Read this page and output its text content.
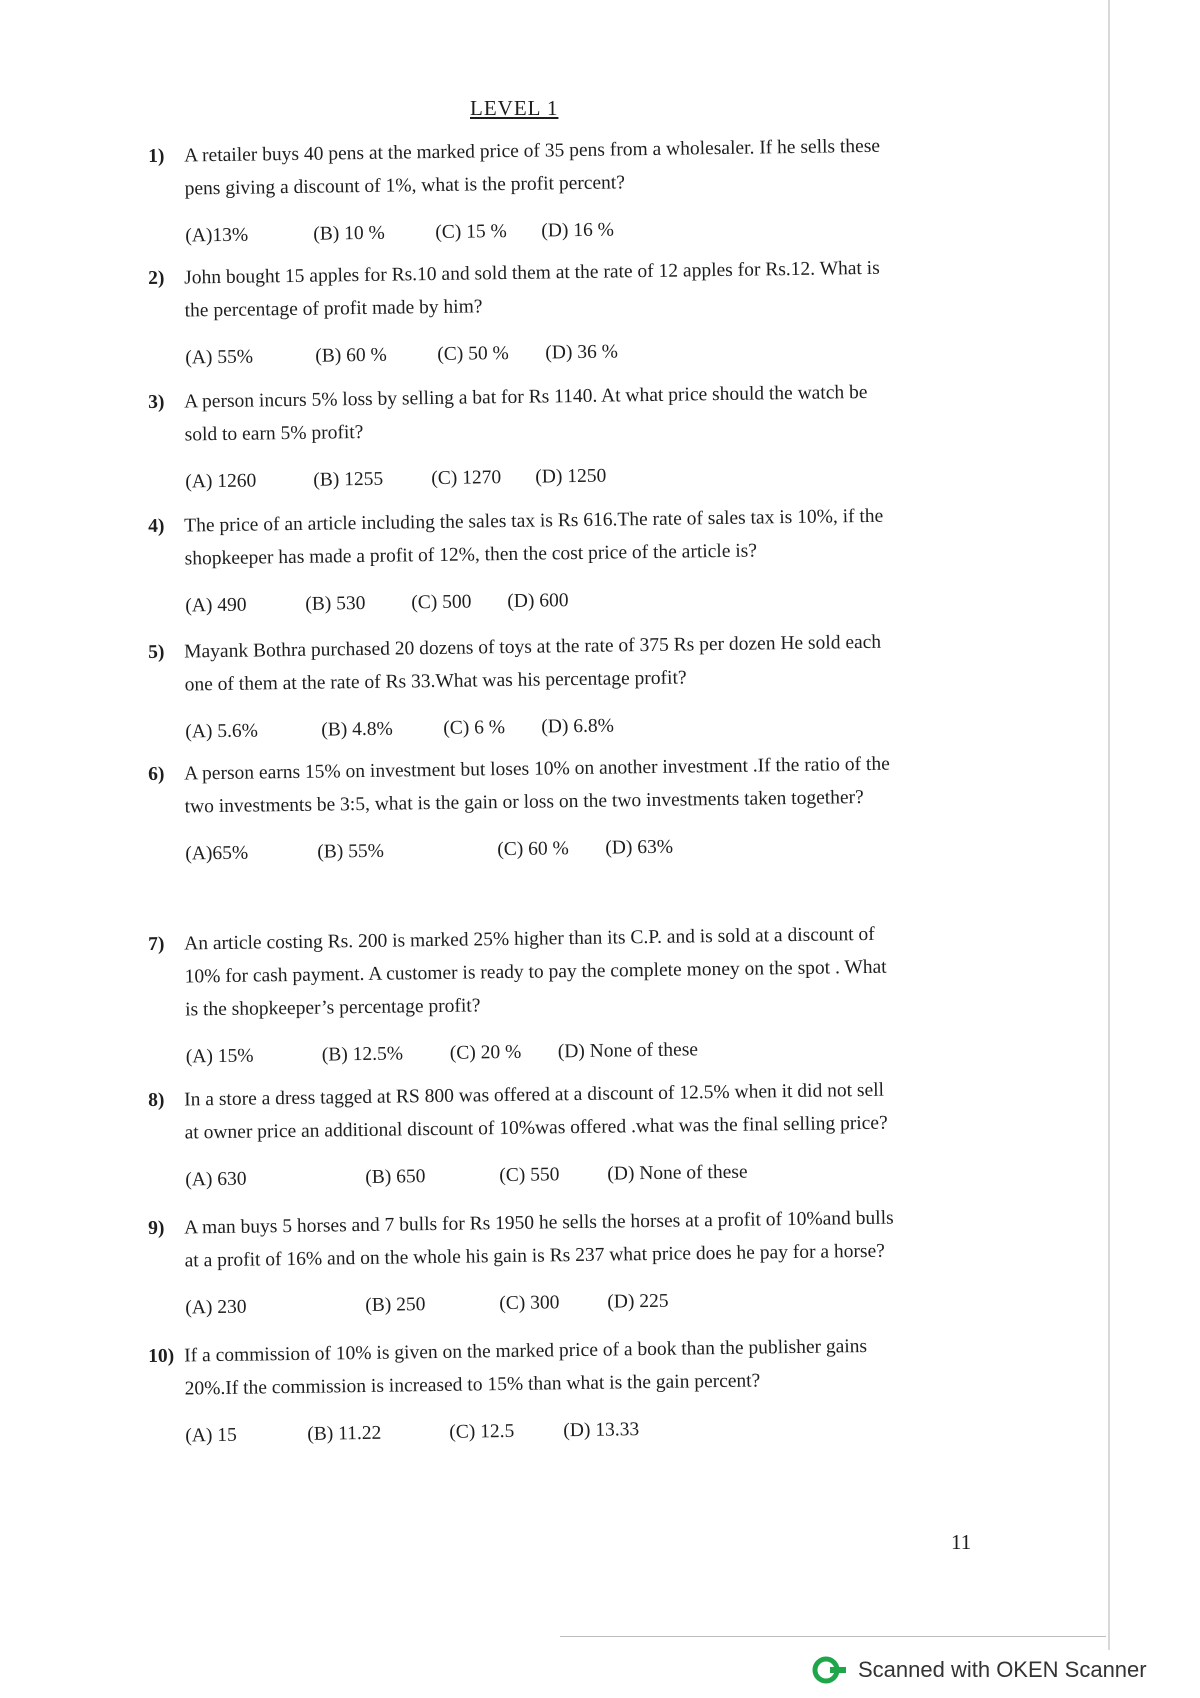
LEVEL 1
1) A retailer buys 40 pens at the marked price of 35 pens from a wholesaler. If he sells these
pens giving a discount of 1%, what is the profit percent?
(A)13%	(B) 10 %	(C) 15 % (D) 16 %
2) John bought 15 apples for Rs.10 and sold them at the rate of 12 apples for Rs.12. What is
the percentage of profit made by him?
(A) 55%	(B) 60 %	(C) 50 % (D) 36 %
3) A person incurs 5% loss by selling a bat for Rs 1140. At what price should the watch be
sold to earn 5% profit?
(A) 1260	(B) 1255 (C) 1270 (D) 1250
4) The price of an article including the sales tax is Rs 616.The rate of sales tax is 10%, if the
shopkeeper has made a profit of 12%, then the cost price of the article is?
(A) 490	(B) 530 (C) 500 (D) 600
5) Mayank Bothra purchased 20 dozens of toys at the rate of 375 Rs per dozen He sold each
one of them at the rate of Rs 33.What was his percentage profit?
(A) 5.6%	(B) 4.8%	(C) 6 % (D) 6.8%
6) A person earns 15% on investment but loses 10% on another investment .If the ratio of the
two investments be 3:5, what is the gain or loss on the two investments taken together?
(A)65%	(B) 55%	(C) 60 % (D) 63%
7) An article costing Rs. 200 is marked 25% higher than its C.P. and is sold at a discount of
10% for cash payment. A customer is ready to pay the complete money on the spot . What
is the shopkeeper’s percentage profit?
(A) 15%	(B) 12.5% (C) 20 % (D) None of these
8) In a store a dress tagged at RS 800 was offered at a discount of 12.5% when it did not sell
at owner price an additional discount of 10%was offered .what was the final selling price?
(A) 630	(B) 650	(C) 550 (D) None of these
9) A man buys 5 horses and 7 bulls for Rs 1950 he sells the horses at a profit of 10%and bulls
at a profit of 16% and on the whole his gain is Rs 237 what price does he pay for a horse?
(A) 230	(B) 250	(C) 300 (D) 225
10) If a commission of 10% is given on the marked price of a book than the publisher gains
20%.If the commission is increased to 15% than what is the gain percent?
(A) 15	(B) 11.22	(C) 12.5 (D) 13.33
11
Scanned with OKEN Scanner
